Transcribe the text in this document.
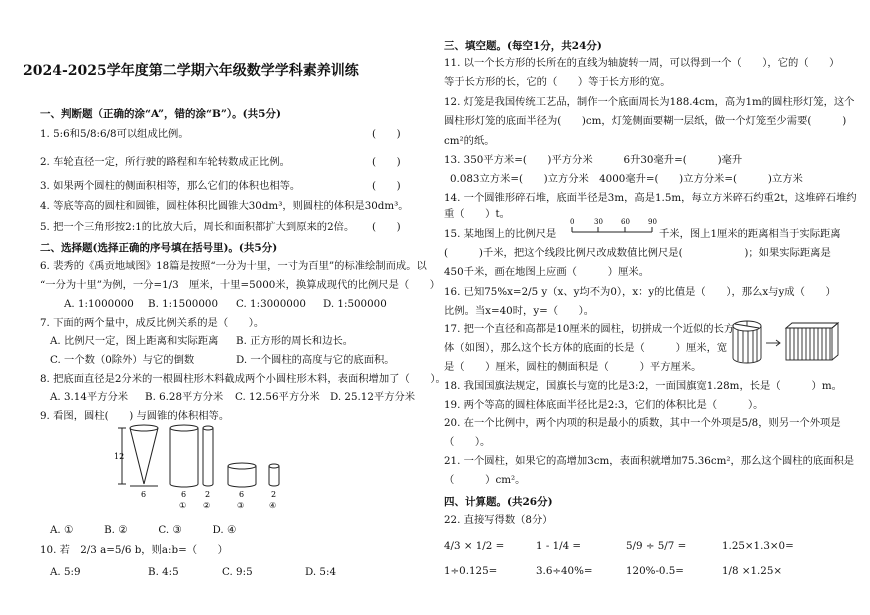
2024-2025学年度第二学期六年级数学学科素养训练
一、判断题（正确的涂“A”，错的涂“B”）。(共5分)
1. 5:6和5/8:6/8可以组成比例。	(　　)
2. 车轮直径一定，所行驶的路程和车轮转数成正比例。	(　　)
3. 如果两个圆柱的侧面积相等，那么它们的体积也相等。	(　　)
4. 等底等高的圆柱和圆锥，圆柱体积比圆锥大30dm³，则圆柱的体积是30dm³。
5. 把一个三角形按2:1的比放大后，周长和面积都扩大到原来的2倍。 (　　)
二、选择题(选择正确的序号填在括号里)。(共5分)
6. 裴秀的《禹贡地域图》18篇是按照“一分为十里，一寸为百里”的标准绘制而成。以
“一分为十里”为例，一分=1/3　厘米，十里=5000米，换算成现代的比例尺是（　　）
A. 1:1000000 B. 1:1500000 C. 1:3000000 D. 1:500000
7. 下面的两个量中，成反比例关系的是（　　）。
A. 比例尺一定，图上距离和实际距离 B. 正方形的周长和边长。
C. 一个数（0除外）与它的倒数	D. 一个圆柱的高度与它的底面积。
8. 把底面直径是2分米的一根圆柱形木料截成两个小圆柱形木料，表面积增加了（　　）。
A. 3.14平方分米 B. 6.28平方分米 C. 12.56平方分米 D. 25.12平方分米
9. 看图，圆柱(　　) 与圆锥的体积相等。
12
6	6 2	6	2
① ②	③	④
A. ①　　　B. ②　　　C. ③　　　D. ④
10. 若　2/3 a=5/6 b，则a:b=（　　）
A. 5:9	B. 4:5	C. 9:5	D. 5:4
三、填空题。(每空1分，共24分)
11. 以一个长方形的长所在的直线为轴旋转一周，可以得到一个（　　），它的（　　）
等于长方形的长，它的（　　）等于长方形的宽。
12. 灯笼是我国传统工艺品，制作一个底面周长为188.4cm，高为1m的圆柱形灯笼，这个
圆柱形灯笼的底面半径为(　　)cm，灯笼侧面要糊一层纸，做一个灯笼至少需要(　　　)
cm²的纸。
13. 350平方米=(　　)平方分米　　　6升30毫升=(　　　)毫升
0.083立方米=(　　)立方分米　4000毫升=(　　)立方分米=(　　　)立方米
14. 一个圆锥形碎石堆，底面半径是3m，高是1.5m，每立方米碎石约重2t，这堆碎石堆约
重（　　）t。
15. 某地图上的比例尺是
0	30	60	90
千米，图上1厘米的距离相当于实际距离
(　　　)千米，把这个线段比例尺改成数值比例尺是(　　　　　　)；如果实际距离是
450千米，画在地图上应画（　　　）厘米。
16. 已知75%x=2/5 y（x、y均不为0），x：y的比值是（　　），那么x与y成（　　）
比例。当x=40时，y=（　　）。
17. 把一个直径和高都是10厘米的圆柱，切拼成一个近似的长方
体（如图），那么这个长方体的底面的长是（　　　）厘米，宽
是（　　）厘米，圆柱的侧面积是（　　　）平方厘米。
18. 我国国旗法规定，国旗长与宽的比是3:2，一面国旗宽1.28m，长是（　　　）m。
19. 两个等高的圆柱体底面半径比是2:3，它们的体积比是（　　　）。
20. 在一个比例中，两个内项的积是最小的质数，其中一个外项是5/8，则另一个外项是
（　　）。
21. 一个圆柱，如果它的高增加3cm，表面积就增加75.36cm²，那么这个圆柱的底面积是
（　　　）cm²。
四、计算题。(共26分)
22. 直接写得数（8分）
4/3 × 1/2 =	1 - 1/4 =	5/9 ÷ 5/7 =	1.25×1.3×0=
1÷0.125=	3.6÷40%=	120%-0.5=	1/8 ×1.25×
